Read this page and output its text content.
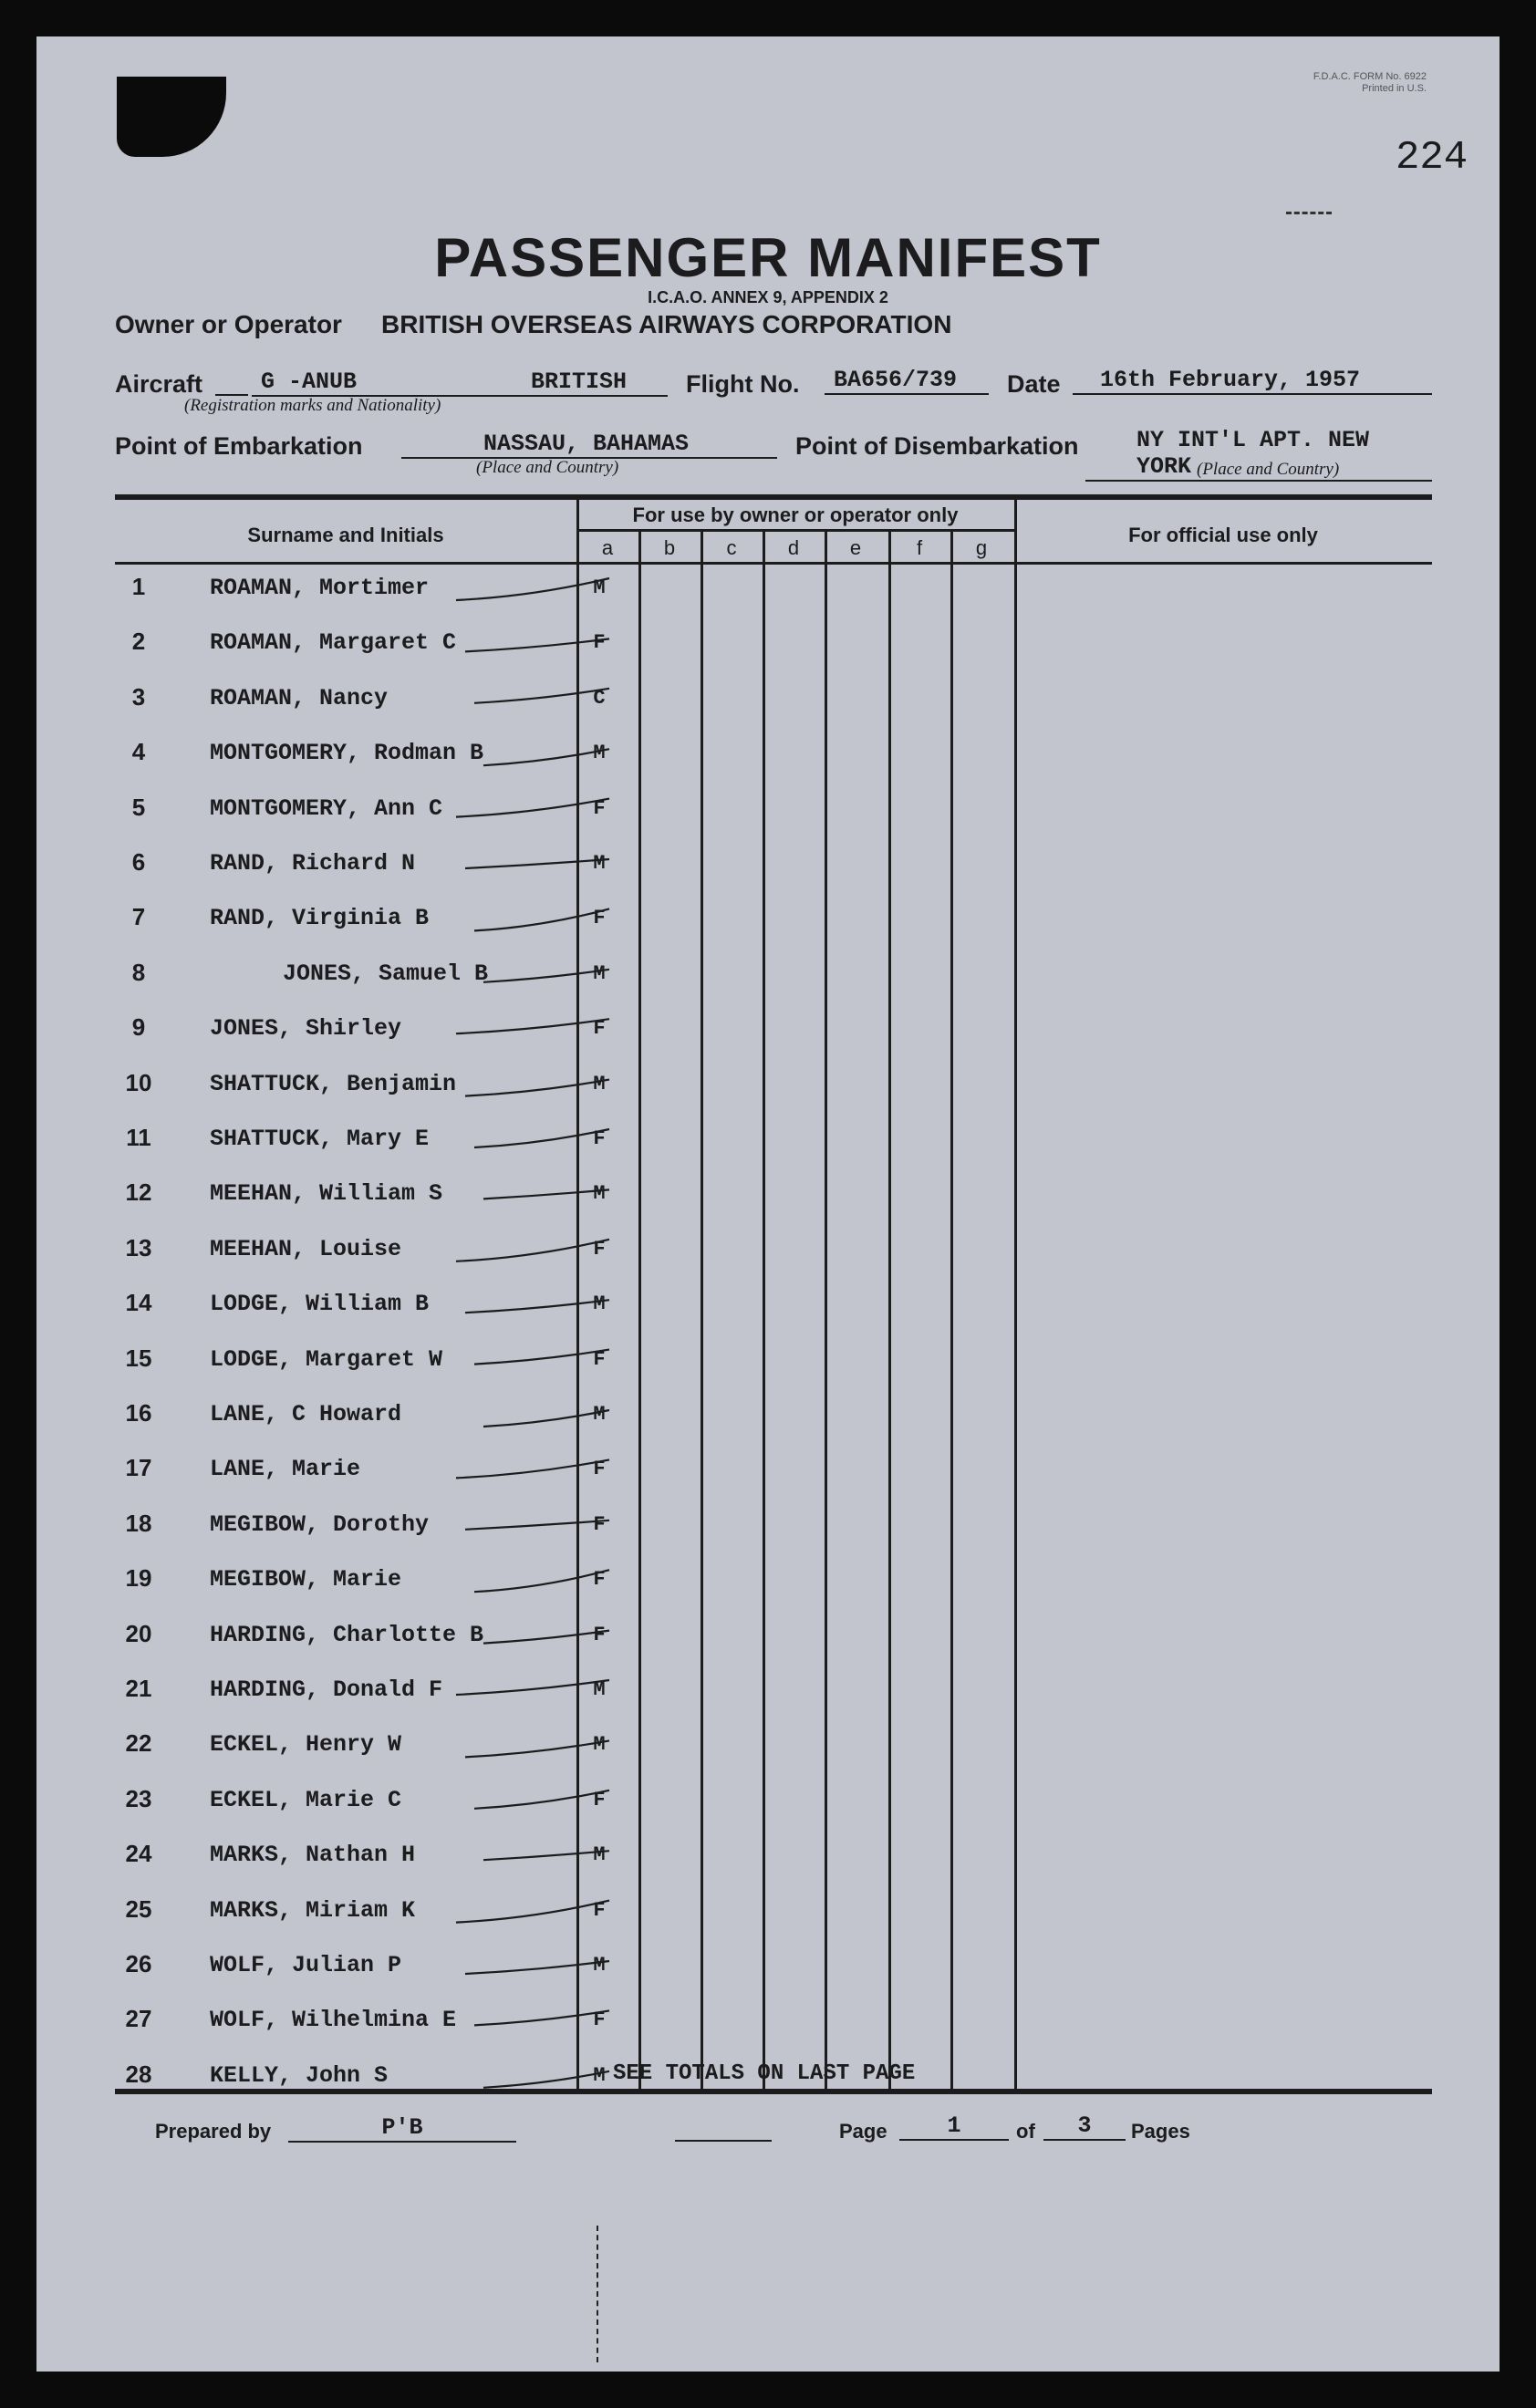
F.D.A.C. FORM No. 6922
Printed in U.S.
224
PASSENGER MANIFEST
I.C.A.O. ANNEX 9, APPENDIX 2
Owner or Operator BRITISH OVERSEAS AIRWAYS CORPORATION
Aircraft	G -ANUB	BRITISH
(Registration marks and Nationality)
Flight No.	BA656/739	Date	16th February, 1957
Point of Embarkation	NASSAU, BAHAMAS
(Place and Country)
Point of Disembarkation	NY INT'L APT. NEW YORK (Place and Country)
Surname and Initials
For use by owner or operator only
For official use only
a	b	c	d	e	f	g
1	ROAMAN, Mortimer	M
2	ROAMAN, Margaret C	F
3	ROAMAN, Nancy	C
4	MONTGOMERY, Rodman B	M
5	MONTGOMERY, Ann C	F
6	RAND, Richard N	M
7	RAND, Virginia B	F
8	JONES, Samuel B	M
9	JONES, Shirley	F
10	SHATTUCK, Benjamin	M
11	SHATTUCK, Mary E	F
12	MEEHAN, William S	M
13	MEEHAN, Louise	F
14	LODGE, William B	M
15	LODGE, Margaret W	F
16	LANE, C Howard	M
17	LANE, Marie	F
18	MEGIBOW, Dorothy	F
19	MEGIBOW, Marie	F
20	HARDING, Charlotte B	F
21	HARDING, Donald F	M
22	ECKEL, Henry W	M
23	ECKEL, Marie C	F
24	MARKS, Nathan H	M
25	MARKS, Miriam K	F
26	WOLF, Julian P	M
27	WOLF, Wilhelmina E	F
28	KELLY, John S	M SEE TOTALS ON LAST PAGE
Prepared by	P'B	Page	1	of	3	Pages
